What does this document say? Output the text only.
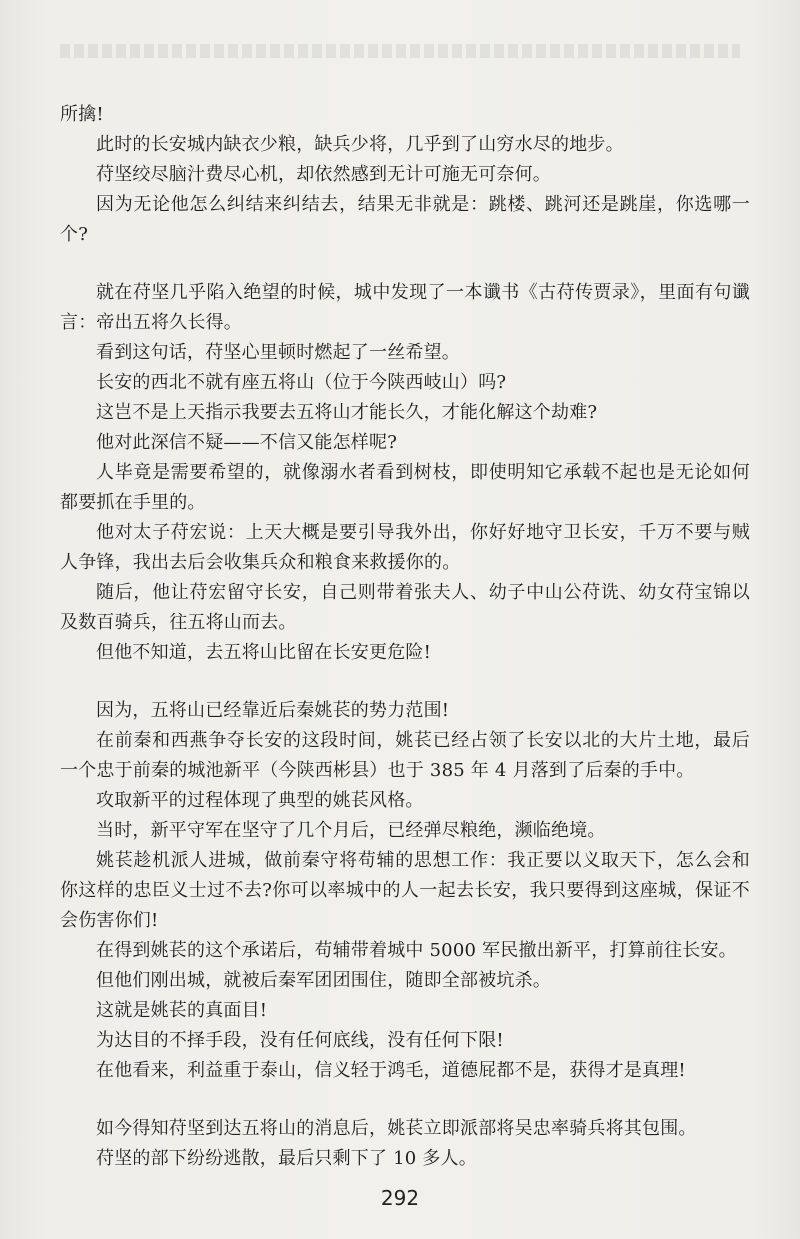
所擒!

此时的长安城内缺衣少粮，缺兵少将，几乎到了山穷水尽的地步。

苻坚绞尽脑汁费尽心机，却依然感到无计可施无可奈何。

因为无论他怎么纠结来纠结去，结果无非就是：跳楼、跳河还是跳崖，你选哪一个?

就在苻坚几乎陷入绝望的时候，城中发现了一本谶书《古苻传贾录》，里面有句谶言：帝出五将久长得。

看到这句话，苻坚心里顿时燃起了一丝希望。

长安的西北不就有座五将山（位于今陕西岐山）吗?

这岂不是上天指示我要去五将山才能长久，才能化解这个劫难?

他对此深信不疑——不信又能怎样呢?

人毕竟是需要希望的，就像溺水者看到树枝，即使明知它承载不起也是无论如何都要抓在手里的。

他对太子苻宏说：上天大概是要引导我外出，你好好地守卫长安，千万不要与贼人争锋，我出去后会收集兵众和粮食来救援你的。

随后，他让苻宏留守长安，自己则带着张夫人、幼子中山公苻诜、幼女苻宝锦以及数百骑兵，往五将山而去。

但他不知道，去五将山比留在长安更危险!

因为，五将山已经靠近后秦姚苌的势力范围!

在前秦和西燕争夺长安的这段时间，姚苌已经占领了长安以北的大片土地，最后一个忠于前秦的城池新平（今陕西彬县）也于 385 年 4 月落到了后秦的手中。

攻取新平的过程体现了典型的姚苌风格。

当时，新平守军在坚守了几个月后，已经弹尽粮绝，濒临绝境。

姚苌趁机派人进城，做前秦守将苟辅的思想工作：我正要以义取天下，怎么会和你这样的忠臣义士过不去?你可以率城中的人一起去长安，我只要得到这座城，保证不会伤害你们!

在得到姚苌的这个承诺后，苟辅带着城中 5000 军民撤出新平，打算前往长安。

但他们刚出城，就被后秦军团团围住，随即全部被坑杀。

这就是姚苌的真面目!

为达目的不择手段，没有任何底线，没有任何下限!

在他看来，利益重于泰山，信义轻于鸿毛，道德屁都不是，获得才是真理!

如今得知苻坚到达五将山的消息后，姚苌立即派部将吴忠率骑兵将其包围。

苻坚的部下纷纷逃散，最后只剩下了 10 多人。

292
